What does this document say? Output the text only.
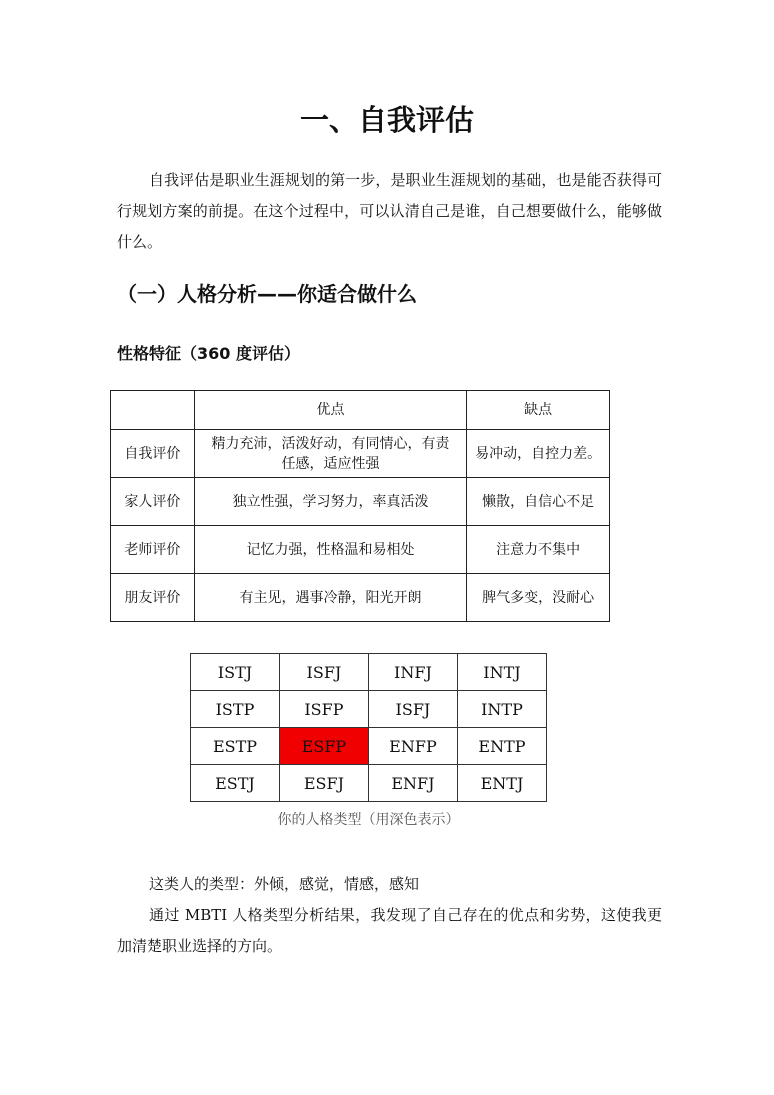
一、自我评估

自我评估是职业生涯规划的第一步，是职业生涯规划的基础，也是能否获得可行规划方案的前提。在这个过程中，可以认清自己是谁，自己想要做什么，能够做什么。

（一）人格分析——你适合做什么
性格特征（360 度评估）
	优点	缺点
自我评价	精力充沛，活泼好动，有同情心，有责任感，适应性强	易冲动，自控力差。
家人评价	独立性强，学习努力，率真活泼	懒散，自信心不足
老师评价	记忆力强，性格温和易相处	注意力不集中
朋友评价	有主见，遇事冷静，阳光开朗	脾气多变，没耐心
ISTJ	ISFJ	INFJ	INTJ
ISTP	ISFP	ISFJ	INTP
ESTP	ESFP	ENFP	ENTP
ESTJ	ESFJ	ENFJ	ENTJ

你的人格类型（用深色表示）

这类人的类型：外倾，感觉，情感，感知

通过 MBTI 人格类型分析结果，我发现了自己存在的优点和劣势，这使我更加清楚职业选择的方向。
